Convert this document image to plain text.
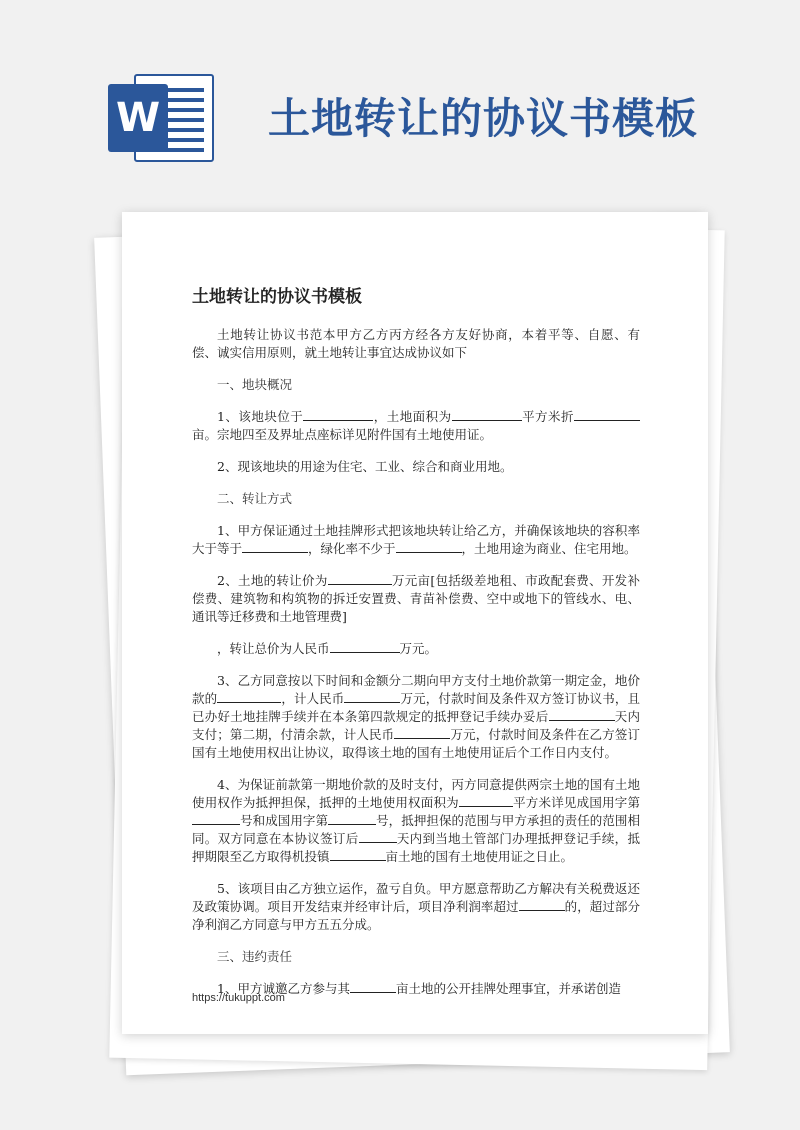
W	土地转让的协议书模板
土地转让的协议书模板

土地转让协议书范本甲方乙方丙方经各方友好协商，本着平等、自愿、有偿、诚实信用原则，就土地转让事宜达成协议如下

一、地块概况

1、该地块位于	，土地面积为	平方米折亩。宗地四至及界址点座标详见附件国有土地使用证。

2、现该地块的用途为住宅、工业、综合和商业用地。

二、转让方式

1、甲方保证通过土地挂牌形式把该地块转让给乙方，并确保该地块的容积率大于等于	，绿化率不少于	，土地用途为商业、住宅用地。

2、土地的转让价为	万元亩[包括级差地租、市政配套费、开发补偿费、建筑物和构筑物的拆迁安置费、青苗补偿费、空中或地下的管线水、电、通讯等迁移费和土地管理费]

，转让总价为人民币	万元。

3、乙方同意按以下时间和金额分二期向甲方支付土地价款第一期定金，地价款的	，计人民币	万元，付款时间及条件双方签订协议书，且已办好土地挂牌手续并在本条第四款规定的抵押登记手续办妥后	天内支付；第二期，付清余款，计人民币	万元，付款时间及条件在乙方签订国有土地使用权出让协议，取得该土地的国有土地使用证后个工作日内支付。

4、为保证前款第一期地价款的及时支付，丙方同意提供两宗土地的国有土地使用权作为抵押担保，抵押的土地使用权面积为	平方米详见成国用字第号和成国用字第	号，抵押担保的范围与甲方承担的责任的范围相同。双方同意在本协议签订后	天内到当地土管部门办理抵押登记手续，抵押期限至乙方取得机投镇	亩土地的国有土地使用证之日止。

5、该项目由乙方独立运作，盈亏自负。甲方愿意帮助乙方解决有关税费返还及政策协调。项目开发结束并经审计后，项目净利润率超过	的，超过部分净利润乙方同意与甲方五五分成。

三、违约责任

1、甲方诚邀乙方参与其	亩土地的公开挂牌处理事宜，并承诺创造

https://tukuppt.com
